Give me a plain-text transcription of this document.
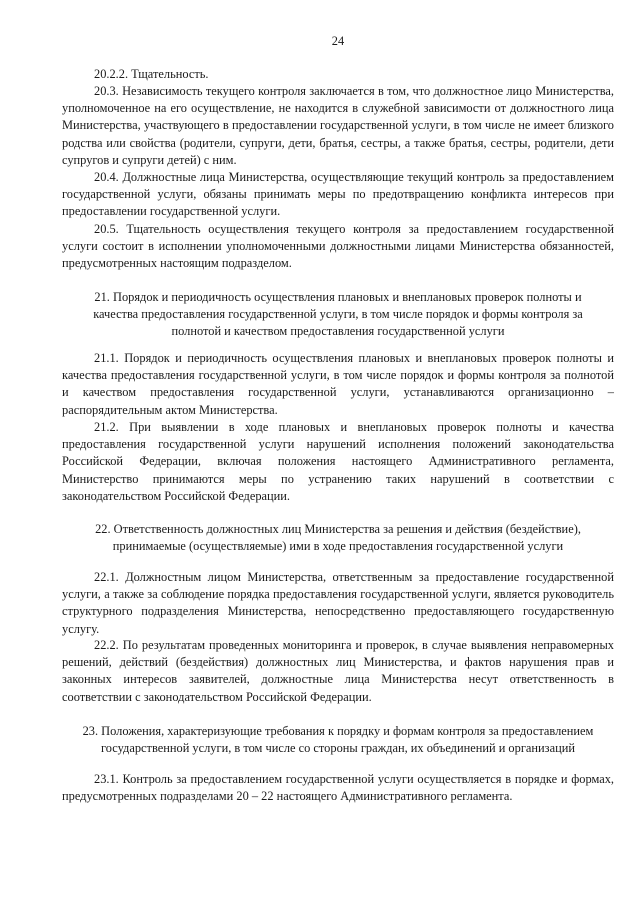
24

20.2.2. Тщательность.

20.3. Независимость текущего контроля заключается в том, что должностное лицо Министерства, уполномоченное на его осуществление, не находится в служебной зависимости от должностного лица Министерства, участвующего в предоставлении государственной услуги, в том числе не имеет близкого родства или свойства (родители, супруги, дети, братья, сестры, а также братья, сестры, родители, дети супругов и супруги детей) с ним.

20.4. Должностные лица Министерства, осуществляющие текущий контроль за предоставлением государственной услуги, обязаны принимать меры по предотвращению конфликта интересов при предоставлении государственной услуги.

20.5. Тщательность осуществления текущего контроля за предоставлением государственной услуги состоит в исполнении уполномоченными должностными лицами Министерства обязанностей, предусмотренных настоящим подразделом.

21. Порядок и периодичность осуществления плановых и внеплановых проверок полноты и качества предоставления государственной услуги, в том числе порядок и формы контроля за полнотой и качеством предоставления государственной услуги

21.1. Порядок и периодичность осуществления плановых и внеплановых проверок полноты и качества предоставления государственной услуги, в том числе порядок и формы контроля за полнотой и качеством предоставления государственной услуги, устанавливаются организационно – распорядительным актом Министерства.

21.2. При выявлении в ходе плановых и внеплановых проверок полноты и качества предоставления государственной услуги нарушений исполнения положений законодательства Российской Федерации, включая положения настоящего Административного регламента, Министерство принимаются меры по устранению таких нарушений в соответствии с законодательством Российской Федерации.

22. Ответственность должностных лиц Министерства за решения и действия (бездействие), принимаемые (осуществляемые) ими в ходе предоставления государственной услуги

22.1. Должностным лицом Министерства, ответственным за предоставление государственной услуги, а также за соблюдение порядка предоставления государственной услуги, является руководитель структурного подразделения Министерства, непосредственно предоставляющего государственную услугу.

22.2. По результатам проведенных мониторинга и проверок, в случае выявления неправомерных решений, действий (бездействия) должностных лиц Министерства, и фактов нарушения прав и законных интересов заявителей, должностные лица Министерства несут ответственность в соответствии с законодательством Российской Федерации.

23. Положения, характеризующие требования к порядку и формам контроля за предоставлением государственной услуги, в том числе со стороны граждан, их объединений и организаций

23.1. Контроль за предоставлением государственной услуги осуществляется в порядке и формах, предусмотренных подразделами 20 – 22 настоящего Административного регламента.
